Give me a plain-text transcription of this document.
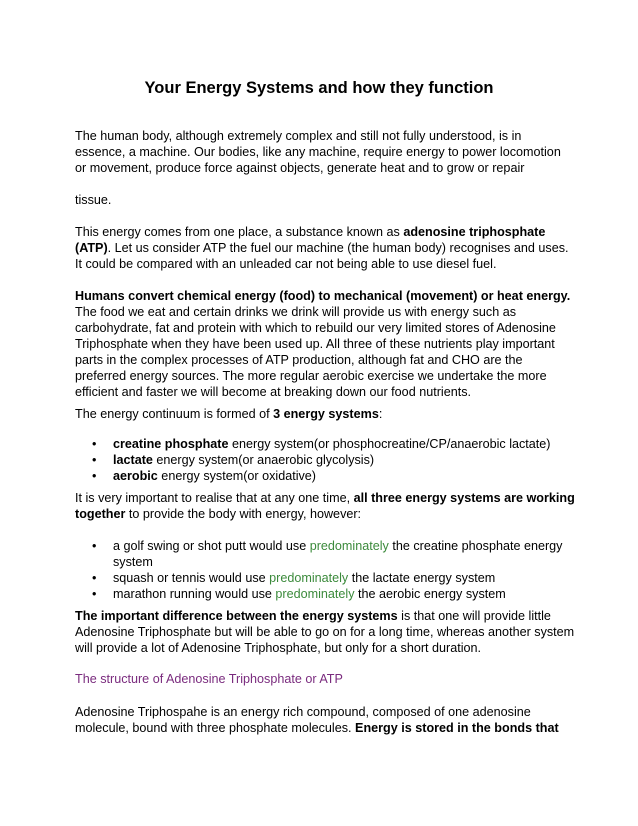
Your Energy Systems and how they function

The human body, although extremely complex and still not fully understood, is in essence, a machine. Our bodies, like any machine, require energy to power locomotion or movement, produce force against objects, generate heat and to grow or repair

tissue.

This energy comes from one place, a substance known as adenosine triphosphate (ATP). Let us consider ATP the fuel our machine (the human body) recognises and uses. It could be compared with an unleaded car not being able to use diesel fuel.

Humans convert chemical energy (food) to mechanical (movement) or heat energy. The food we eat and certain drinks we drink will provide us with energy such as carbohydrate, fat and protein with which to rebuild our very limited stores of Adenosine Triphosphate when they have been used up. All three of these nutrients play important parts in the complex processes of ATP production, although fat and CHO are the preferred energy sources. The more regular aerobic exercise we undertake the more efficient and faster we will become at breaking down our food nutrients.

The energy continuum is formed of 3 energy systems:

• creatine phosphate energy system(or phosphocreatine/CP/anaerobic lactate)
• lactate energy system(or anaerobic glycolysis)
• aerobic energy system(or oxidative)

It is very important to realise that at any one time, all three energy systems are working together to provide the body with energy, however:

• a golf swing or shot putt would use predominately the creatine phosphate energy system
• squash or tennis would use predominately the lactate energy system
• marathon running would use predominately the aerobic energy system

The important difference between the energy systems is that one will provide little Adenosine Triphosphate but will be able to go on for a long time, whereas another system will provide a lot of Adenosine Triphosphate, but only for a short duration.

The structure of Adenosine Triphosphate or ATP

Adenosine Triphospahe is an energy rich compound, composed of one adenosine molecule, bound with three phosphate molecules. Energy is stored in the bonds that
